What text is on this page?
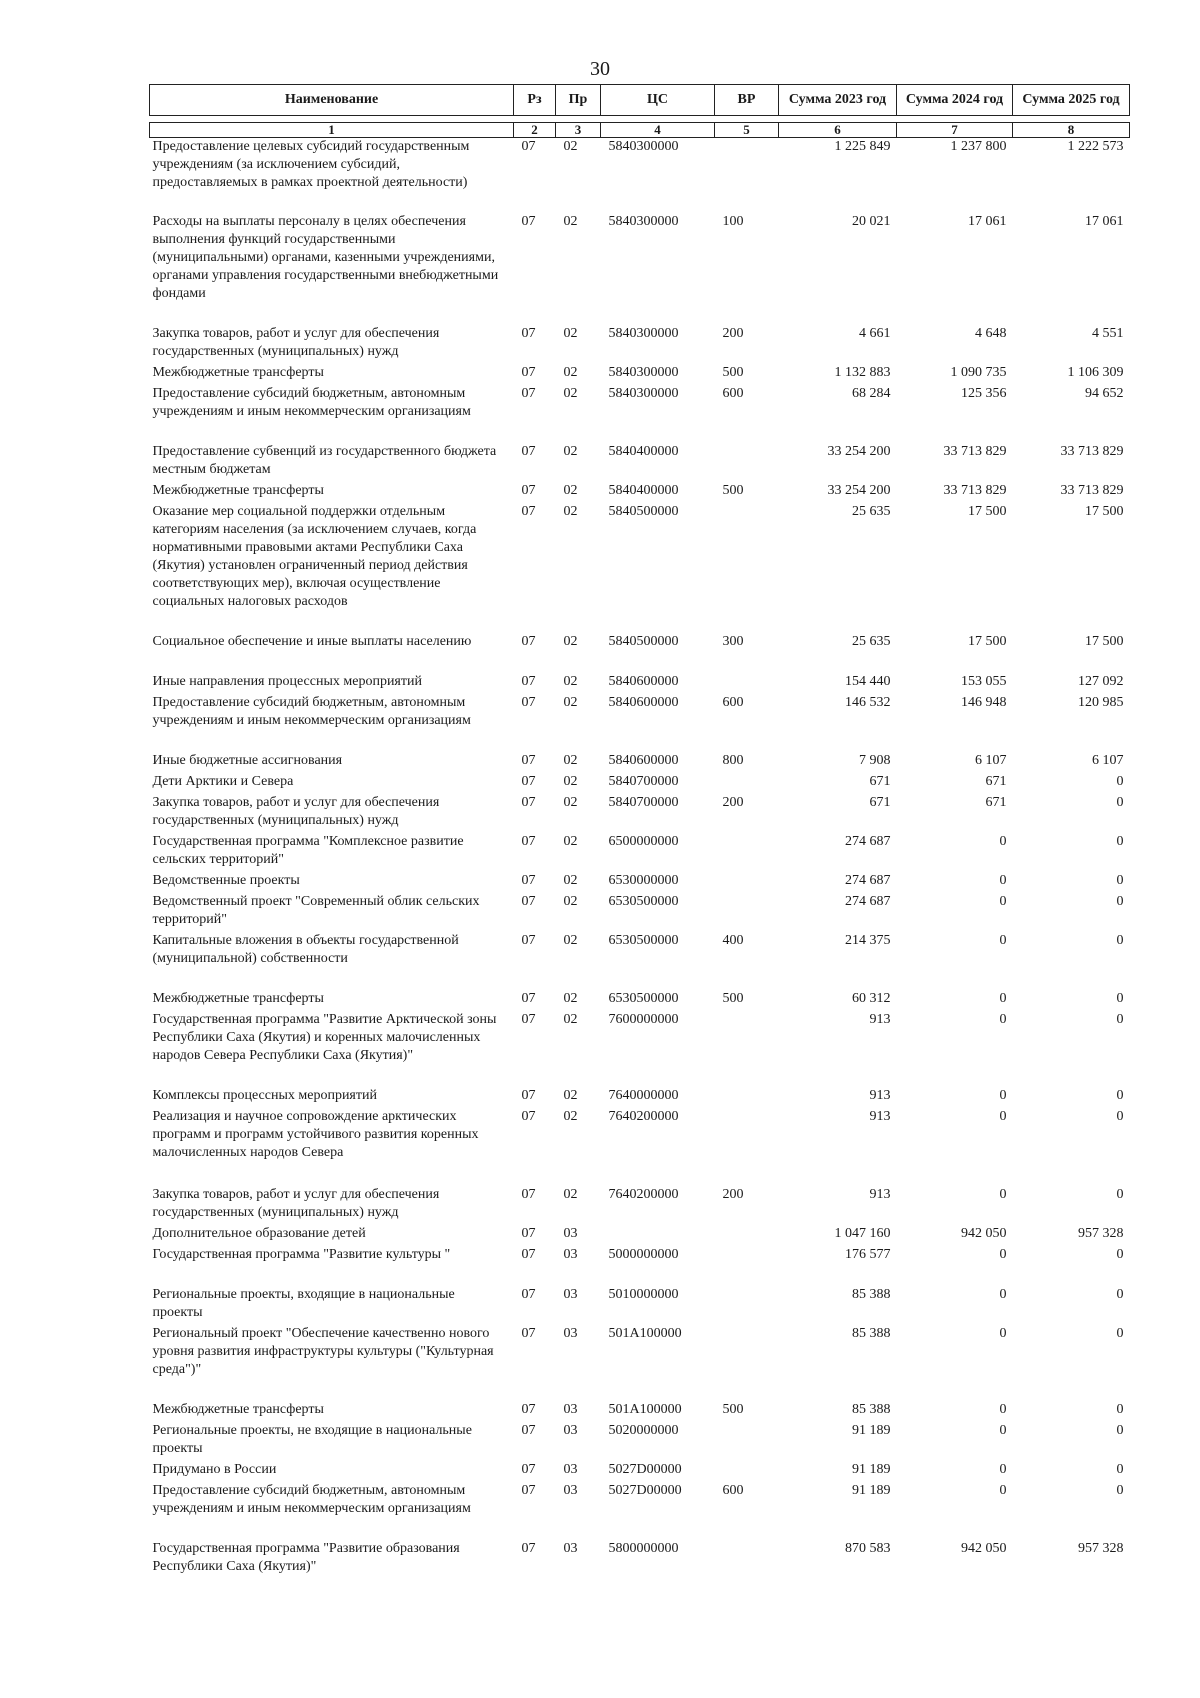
30
Наименование	Рз	Пр	ЦС	ВР	Сумма 2023 год	Сумма 2024 год	Сумма 2025 год

1	2	3	4	5	6	7	8
Предоставление целевых субсидий государственным учреждениям (за исключением субсидий, предоставляемых в рамках проектной деятельности)	07	02	5840300000		1 225 849	1 237 800	1 222 573
Расходы на выплаты персоналу в целях обеспечения выполнения функций государственными (муниципальными) органами, казенными учреждениями, органами управления государственными внебюджетными фондами	07	02	5840300000	100	20 021	17 061	17 061
Закупка товаров, работ и услуг для обеспечения государственных (муниципальных) нужд	07	02	5840300000	200	4 661	4 648	4 551
Межбюджетные трансферты	07	02	5840300000	500	1 132 883	1 090 735	1 106 309
Предоставление субсидий бюджетным, автономным учреждениям и иным некоммерческим организациям	07	02	5840300000	600	68 284	125 356	94 652
Предоставление субвенций из государственного бюджета местным бюджетам	07	02	5840400000		33 254 200	33 713 829	33 713 829
Межбюджетные трансферты	07	02	5840400000	500	33 254 200	33 713 829	33 713 829
Оказание мер социальной поддержки отдельным категориям населения (за исключением случаев, когда нормативными правовыми актами Республики Саха (Якутия) установлен ограниченный период действия соответствующих мер), включая осуществление социальных налоговых расходов	07	02	5840500000		25 635	17 500	17 500
Социальное обеспечение и иные выплаты населению	07	02	5840500000	300	25 635	17 500	17 500
Иные направления процессных мероприятий	07	02	5840600000		154 440	153 055	127 092
Предоставление субсидий бюджетным, автономным учреждениям и иным некоммерческим организациям	07	02	5840600000	600	146 532	146 948	120 985
Иные бюджетные ассигнования	07	02	5840600000	800	7 908	6 107	6 107
Дети Арктики и Севера	07	02	5840700000		671	671	0
Закупка товаров, работ и услуг для обеспечения государственных (муниципальных) нужд	07	02	5840700000	200	671	671	0
Государственная программа "Комплексное развитие сельских территорий"	07	02	6500000000		274 687	0	0
Ведомственные проекты	07	02	6530000000		274 687	0	0
Ведомственный проект "Современный облик сельских территорий"	07	02	6530500000		274 687	0	0
Капитальные вложения в объекты государственной (муниципальной) собственности	07	02	6530500000	400	214 375	0	0
Межбюджетные трансферты	07	02	6530500000	500	60 312	0	0
Государственная программа "Развитие Арктической зоны Республики Саха (Якутия) и коренных малочисленных народов Севера Республики Саха (Якутия)"	07	02	7600000000		913	0	0
Комплексы процессных мероприятий	07	02	7640000000		913	0	0
Реализация и научное сопровождение арктических программ и программ устойчивого развития коренных малочисленных народов Севера	07	02	7640200000		913	0	0
Закупка товаров, работ и услуг для обеспечения государственных (муниципальных) нужд	07	02	7640200000	200	913	0	0
Дополнительное образование детей	07	03			1 047 160	942 050	957 328
Государственная программа "Развитие культуры "	07	03	5000000000		176 577	0	0
Региональные проекты, входящие в национальные проекты	07	03	5010000000		85 388	0	0
Региональный проект "Обеспечение качественно нового уровня развития инфраструктуры культуры ("Культурная среда")"	07	03	501A100000		85 388	0	0
Межбюджетные трансферты	07	03	501A100000	500	85 388	0	0
Региональные проекты, не входящие в национальные проекты	07	03	5020000000		91 189	0	0
Придумано в России	07	03	5027D00000		91 189	0	0
Предоставление субсидий бюджетным, автономным учреждениям и иным некоммерческим организациям	07	03	5027D00000	600	91 189	0	0
Государственная программа "Развитие образования Республики Саха (Якутия)"	07	03	5800000000		870 583	942 050	957 328
